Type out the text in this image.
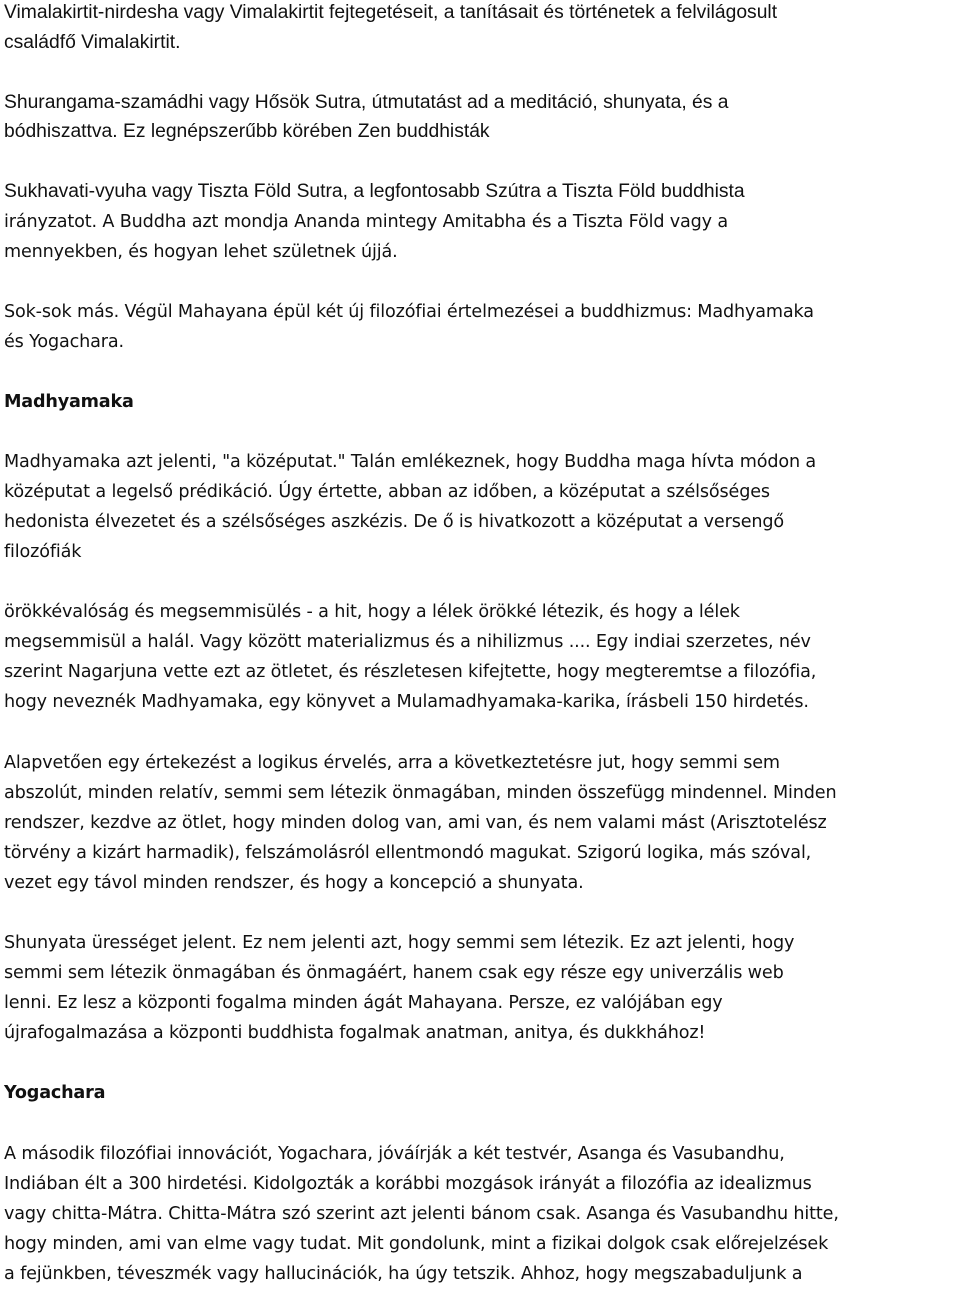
Vimalakirtit-nirdesha vagy Vimalakirtit fejtegetéseit, a tanításait és történetek a felvilágosult
családfő Vimalakirtit.
Shurangama-szamádhi vagy Hősök Sutra, útmutatást ad a meditáció, shunyata, és a
bódhiszattva. Ez legnépszerűbb körében Zen buddhisták
Sukhavati-vyuha vagy Tiszta Föld Sutra, a legfontosabb Szútra a Tiszta Föld buddhista
irányzatot. A Buddha azt mondja Ananda mintegy Amitabha és a Tiszta Föld vagy a
mennyekben, és hogyan lehet születnek újjá.
Sok-sok más. Végül Mahayana épül két új filozófiai értelmezései a buddhizmus: Madhyamaka
és Yogachara.
Madhyamaka
Madhyamaka azt jelenti, "a középutat." Talán emlékeznek, hogy Buddha maga hívta módon a
középutat a legelső prédikáció. Úgy értette, abban az időben, a középutat a szélsőséges
hedonista élvezetet és a szélsőséges aszkézis. De ő is hivatkozott a középutat a versengő
filozófiák
örökkévalóság és megsemmisülés - a hit, hogy a lélek örökké létezik, és hogy a lélek
megsemmisül a halál. Vagy között materializmus és a nihilizmus .... Egy indiai szerzetes, név
szerint Nagarjuna vette ezt az ötletet, és részletesen kifejtette, hogy megteremtse a filozófia,
hogy neveznék Madhyamaka, egy könyvet a Mulamadhyamaka-karika, írásbeli 150 hirdetés.
Alapvetően egy értekezést a logikus érvelés, arra a következtetésre jut, hogy semmi sem
abszolút, minden relatív, semmi sem létezik önmagában, minden összefügg mindennel. Minden
rendszer, kezdve az ötlet, hogy minden dolog van, ami van, és nem valami mást (Arisztotelész
törvény a kizárt harmadik), felszámolásról ellentmondó magukat. Szigorú logika, más szóval,
vezet egy távol minden rendszer, és hogy a koncepció a shunyata.
Shunyata ürességet jelent. Ez nem jelenti azt, hogy semmi sem létezik. Ez azt jelenti, hogy
semmi sem létezik önmagában és önmagáért, hanem csak egy része egy univerzális web
lenni. Ez lesz a központi fogalma minden ágát Mahayana. Persze, ez valójában egy
újrafogalmazása a központi buddhista fogalmak anatman, anitya, és dukkhához!
Yogachara
A második filozófiai innovációt, Yogachara, jóváírják a két testvér, Asanga és Vasubandhu,
Indiában élt a 300 hirdetési. Kidolgozták a korábbi mozgások irányát a filozófia az idealizmus
vagy chitta-Mátra. Chitta-Mátra szó szerint azt jelenti bánom csak. Asanga és Vasubandhu hitte,
hogy minden, ami van elme vagy tudat. Mit gondolunk, mint a fizikai dolgok csak előrejelzések
a fejünkben, téveszmék vagy hallucinációk, ha úgy tetszik. Ahhoz, hogy megszabaduljunk a
